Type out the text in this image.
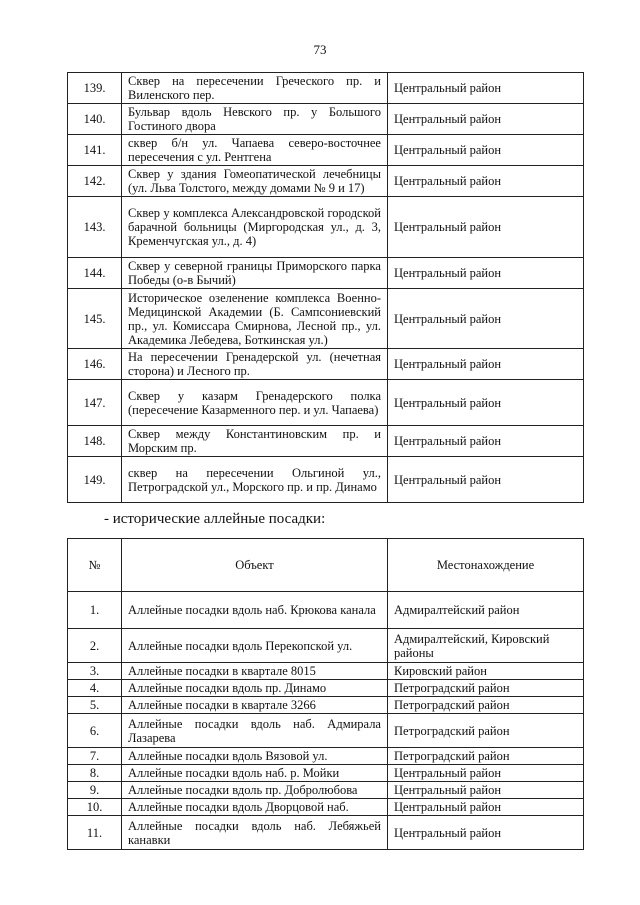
73
139.	Сквер на пересечении Греческого пр. и Виленского пер.	Центральный район
140.	Бульвар вдоль Невского пр. у Большого Гостиного двора	Центральный район
141.	сквер б/н ул. Чапаева северо-восточнее пересечения с ул. Рентгена	Центральный район
142.	Сквер у здания Гомеопатической лечебницы (ул. Льва Толстого, между домами № 9 и 17)	Центральный район
143.	Сквер у комплекса Александровской городской барачной больницы (Миргородская ул., д. 3, Кременчугская ул., д. 4)	Центральный район
144.	Сквер у северной границы Приморского парка Победы (о-в Бычий)	Центральный район
145.	Историческое озеленение комплекса Военно-Медицинской Академии (Б. Сампсониевский пр., ул. Комиссара Смирнова, Лесной пр., ул. Академика Лебедева, Боткинская ул.)	Центральный район
146.	На пересечении Гренадерской ул. (нечетная сторона) и Лесного пр.	Центральный район
147.	Сквер у казарм Гренадерского полка (пересечение Казарменного пер. и ул. Чапаева)	Центральный район
148.	Сквер между Константиновским пр. и Морским пр.	Центральный район
149.	сквер на пересечении Ольгиной ул., Петроградской ул., Морского пр. и пр. Динамо	Центральный район
- исторические аллейные посадки:
№	Объект	Местонахождение
1.	Аллейные посадки вдоль наб. Крюкова канала	Адмиралтейский район
2.	Аллейные посадки вдоль Перекопской ул.	Адмиралтейский, Кировский районы
3.	Аллейные посадки в квартале 8015	Кировский район
4.	Аллейные посадки вдоль пр. Динамо	Петроградский район
5.	Аллейные посадки в квартале 3266	Петроградский район
6.	Аллейные посадки вдоль наб. Адмирала Лазарева	Петроградский район
7.	Аллейные посадки вдоль Вязовой ул.	Петроградский район
8.	Аллейные посадки вдоль наб. р. Мойки	Центральный район
9.	Аллейные посадки вдоль пр. Добролюбова	Центральный район
10.	Аллейные посадки вдоль Дворцовой наб.	Центральный район
11.	Аллейные посадки вдоль наб. Лебяжьей канавки	Центральный район
